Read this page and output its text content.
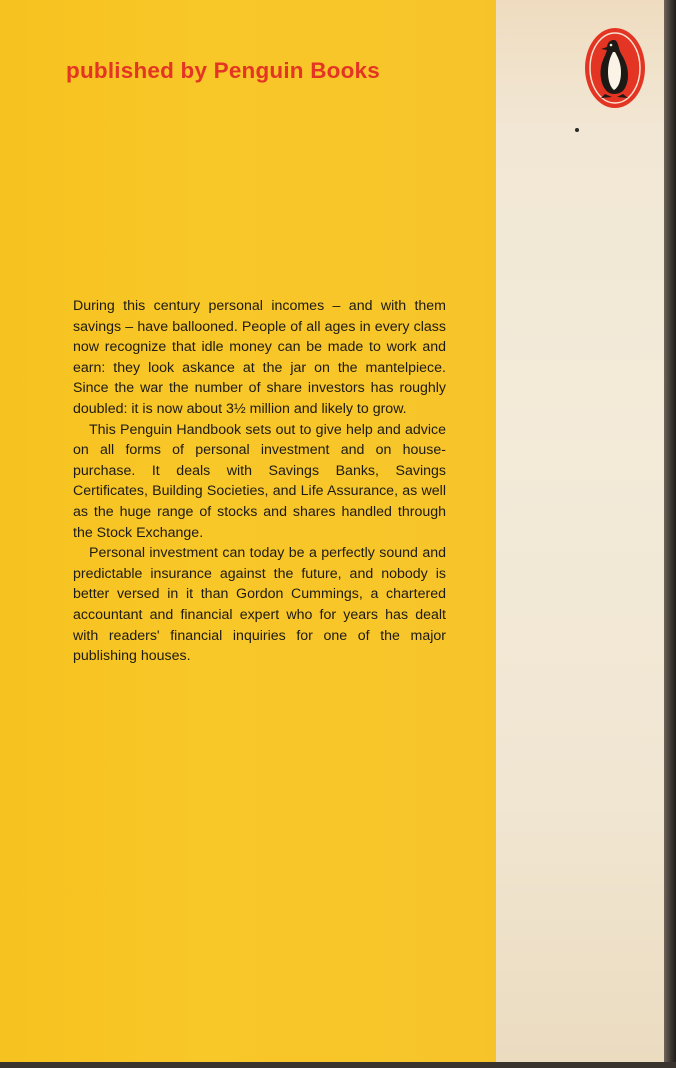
published by Penguin Books

During this century personal incomes – and with them savings – have ballooned. People of all ages in every class now recognize that idle money can be made to work and earn: they look askance at the jar on the mantelpiece. Since the war the number of share investors has roughly doubled: it is now about 3½ million and likely to grow.

This Penguin Handbook sets out to give help and advice on all forms of personal investment and on house-purchase. It deals with Savings Banks, Savings Certificates, Building Societies, and Life Assurance, as well as the huge range of stocks and shares handled through the Stock Exchange.

Personal investment can today be a perfectly sound and predictable insurance against the future, and nobody is better versed in it than Gordon Cummings, a chartered accountant and financial expert who for years has dealt with readers' financial inquiries for one of the major publishing houses.
